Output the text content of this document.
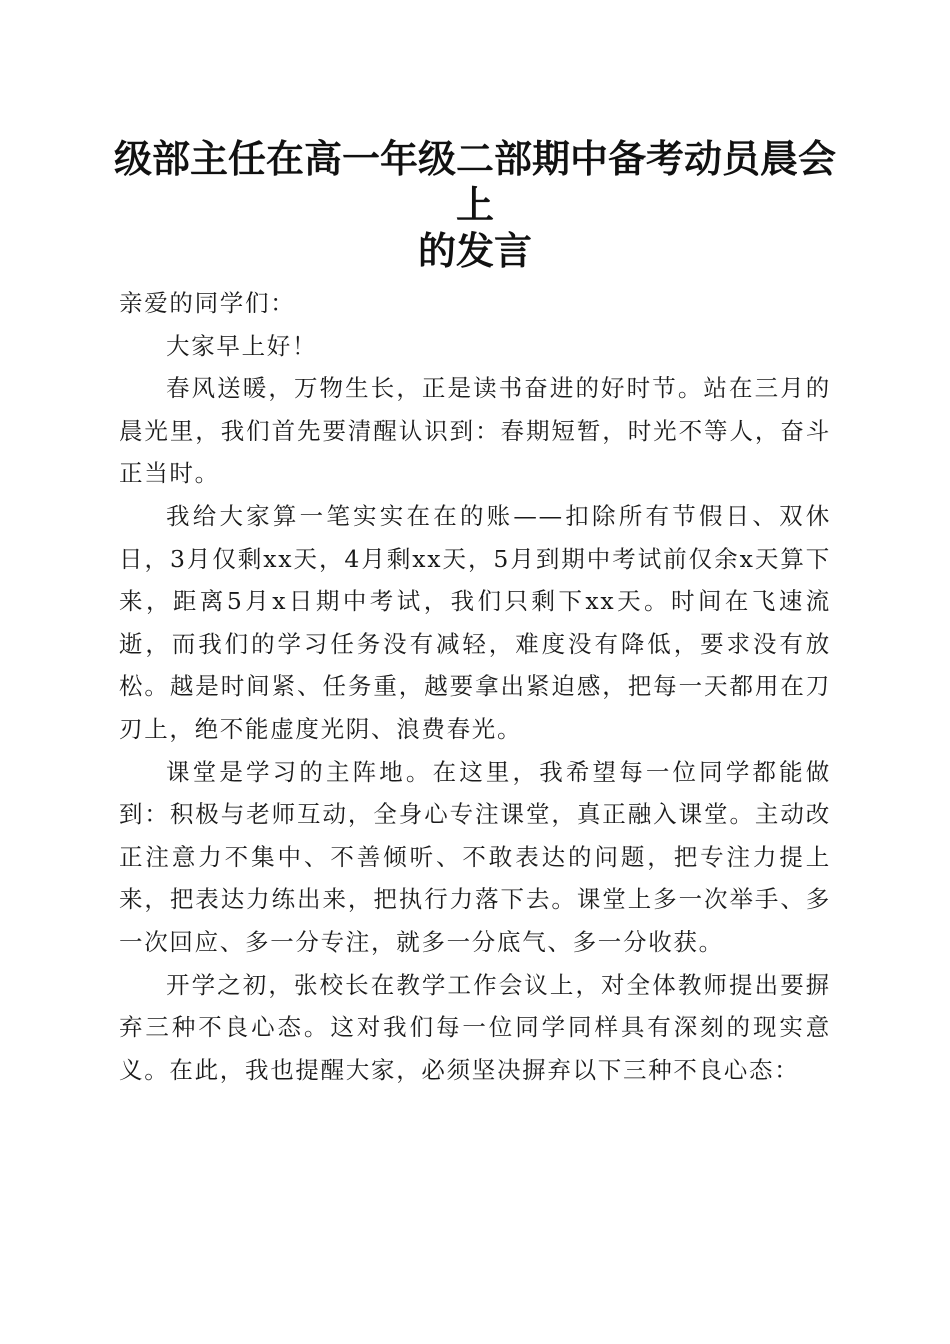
级部主任在高一年级二部期中备考动员晨会上
的发言

亲爱的同学们：

大家早上好！

春风送暖，万物生长，正是读书奋进的好时节。站在三月的晨光里，我们首先要清醒认识到：春期短暂，时光不等人，奋斗正当时。

我给大家算一笔实实在在的账——扣除所有节假日、双休日，3月仅剩xx天，4月剩xx天，5月到期中考试前仅余x天算下来，距离5月x日期中考试，我们只剩下xx天。时间在飞速流逝，而我们的学习任务没有减轻，难度没有降低，要求没有放松。越是时间紧、任务重，越要拿出紧迫感，把每一天都用在刀刃上，绝不能虚度光阴、浪费春光。

课堂是学习的主阵地。在这里，我希望每一位同学都能做到：积极与老师互动，全身心专注课堂，真正融入课堂。主动改正注意力不集中、不善倾听、不敢表达的问题，把专注力提上来，把表达力练出来，把执行力落下去。课堂上多一次举手、多一次回应、多一分专注，就多一分底气、多一分收获。

开学之初，张校长在教学工作会议上，对全体教师提出要摒弃三种不良心态。这对我们每一位同学同样具有深刻的现实意义。在此，我也提醒大家，必须坚决摒弃以下三种不良心态：
